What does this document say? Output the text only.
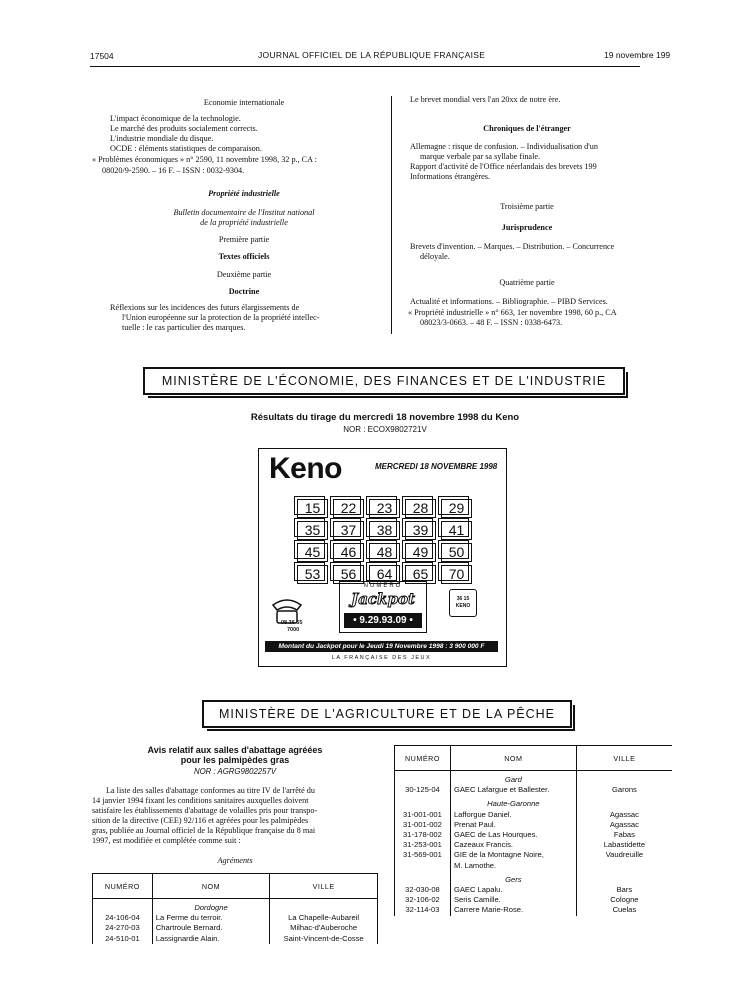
17504	JOURNAL OFFICIEL DE LA RÉPUBLIQUE FRANÇAISE	19 novembre 199
Economie internationale
L'impact économique de la technologie.
Le marché des produits socialement corrects.
L'industrie mondiale du disque.
OCDE : éléments statistiques de comparaison.
« Problèmes économiques » n° 2590, 11 novembre 1998, 32 p., CA :
08020/9-2590. – 16 F. – ISSN : 0032-9304.
Propriété industrielle
Bulletin documentaire de l'Institut national
de la propriété industrielle
Première partie
Textes officiels
Deuxième partie
Doctrine
Réflexions sur les incidences des futurs élargissements de
l'Union européenne sur la protection de la propriété intellec-
tuelle : le cas particulier des marques.
Le brevet mondial vers l'an 20xx de notre ère.
Chroniques de l'étranger
Allemagne : risque de confusion. – Individualisation d'un
marque verbale par sa syllabe finale.
Rapport d'activité de l'Office néerlandais des brevets 199
Informations étrangères.
Troisième partie
Jurisprudence
Brevets d'invention. – Marques. – Distribution. – Concurrence
déloyale.
Quatrième partie
Actualité et informations. – Bibliographie. – PIBD Services.
« Propriété industrielle » n° 663, 1er novembre 1998, 60 p., CA
08023/3-0663. – 48 F. – ISSN : 0338-6473.
MINISTÈRE DE L'ÉCONOMIE, DES FINANCES ET DE L'INDUSTRIE
Résultats du tirage du mercredi 18 novembre 1998 du Keno
NOR : ECOX9802721V
Keno	MERCREDI 18 NOVEMBRE 1998
15	22	23	28	29
35	37	38	39	41
45	46	48	49	50
53	56	64	65	70
08 36 65
7000
NUMÉRO
Jackpot
• 9.29.93.09 •
36 15
KENO
Montant du Jackpot pour le Jeudi 19 Novembre 1998 : 3 900 000 F
LA FRANÇAISE DES JEUX
MINISTÈRE DE L'AGRICULTURE ET DE LA PÊCHE
Avis relatif aux salles d'abattage agréées
pour les palmipèdes gras
NOR : AGRG9802257V
La liste des salles d'abattage conformes au titre IV de l'arrêté du
14 janvier 1994 fixant les conditions sanitaires auxquelles doivent
satisfaire les établissements d'abattage de volailles pris pour transpo-
sition de la directive (CEE) 92/116 et agréées pour les palmipèdes
gras, publiée au Journal officiel de la République française du 8 mai
1997, est modifiée et complétée comme suit :
Agréments
NUMÉRO	NOM	VILLE
	Dordogne	
24-106-04	La Ferme du terroir.	La Chapelle-Aubareil
24-270-03	Chartroule Bernard.	Milhac-d'Auberoche
24-510-01	Lassignardie Alain.	Saint-Vincent-de-Cosse
NUMÉRO	NOM	VILLE
	Gard	
30-125-04	GAEC Lafargue et Ballester.	Garons
	Haute-Garonne	
31-001-001	Lafforgue Daniel.	Agassac
31-001-002	Prenat Paul.	Agassac
31-178-002	GAEC de Las Hourques.	Fabas
31-253-001	Cazeaux Francis.	Labastidette
31-569-001	GIE de la Montagne Noire,	Vaudreuille
	M. Lamothe.	
	Gers	
32-030-08	GAEC Lapalu.	Bars
32-106-02	Seris Camille.	Cologne
32-114-03	Carrere Marie-Rose.	Cuelas
